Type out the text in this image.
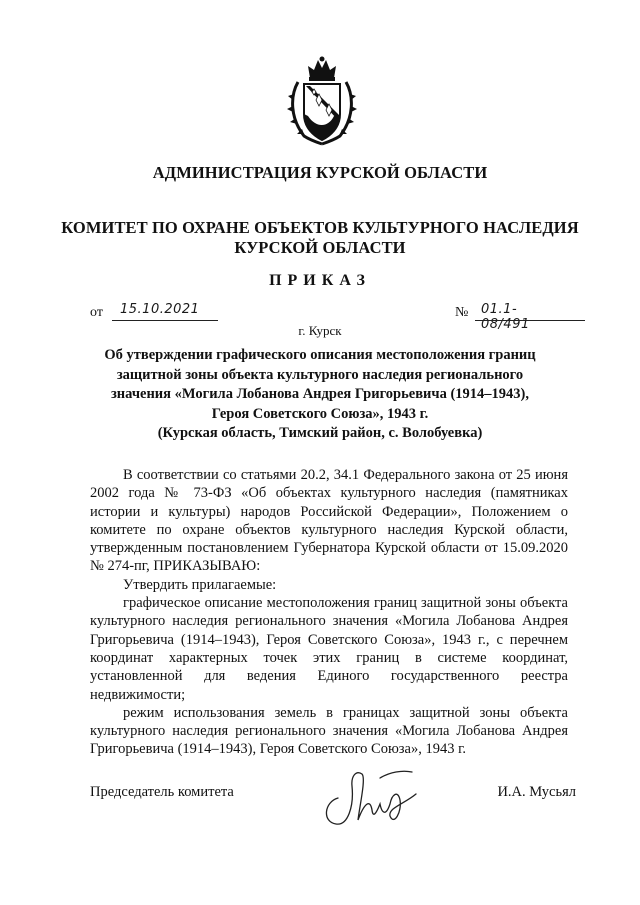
АДМИНИСТРАЦИЯ КУРСКОЙ ОБЛАСТИ
КОМИТЕТ ПО ОХРАНЕ ОБЪЕКТОВ КУЛЬТУРНОГО НАСЛЕДИЯ
КУРСКОЙ ОБЛАСТИ
ПРИКАЗ
от 15.10.2021	№ 01.1-08/491
г. Курск
Об утверждении графического описания местоположения границ
защитной зоны объекта культурного наследия регионального
значения «Могила Лобанова Андрея Григорьевича (1914–1943),
Героя Советского Союза», 1943 г.
(Курская область, Тимский район, с. Волобуевка)

В соответствии со статьями 20.2, 34.1 Федерального закона от 25 июня 2002 года № 73-ФЗ «Об объектах культурного наследия (памятниках истории и культуры) народов Российской Федерации», Положением о комитете по охране объектов культурного наследия Курской области, утвержденным постановлением Губернатора Курской области от 15.09.2020 № 274-пг, ПРИКАЗЫВАЮ:

Утвердить прилагаемые:

графическое описание местоположения границ защитной зоны объекта культурного наследия регионального значения «Могила Лобанова Андрея Григорьевича (1914–1943), Героя Советского Союза», 1943 г., с перечнем координат характерных точек этих границ в системе координат, установленной для ведения Единого государственного реестра недвижимости;

режим использования земель в границах защитной зоны объекта культурного наследия регионального значения «Могила Лобанова Андрея Григорьевича (1914–1943), Героя Советского Союза», 1943 г.

Председатель комитета	И.А. Мусьял
